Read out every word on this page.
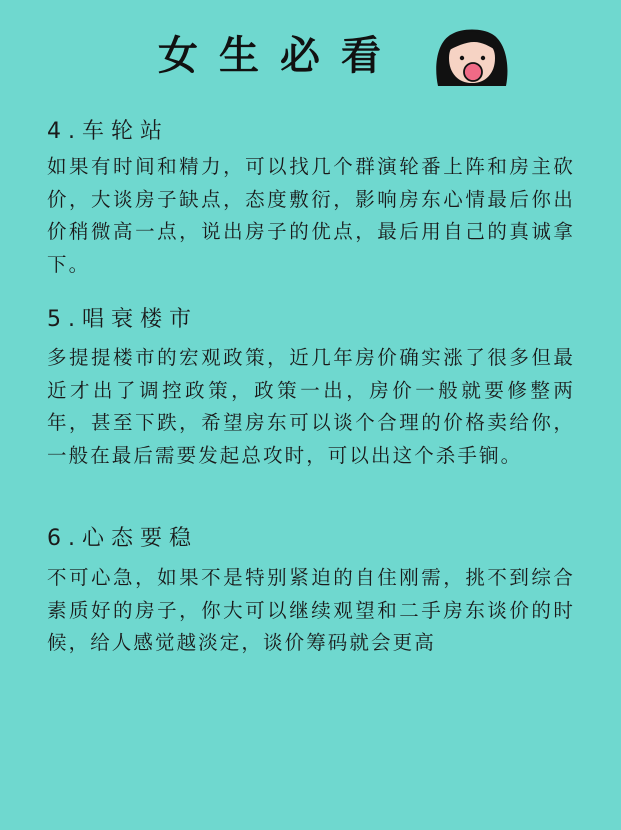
女生必看
4.车轮站
如果有时间和精力，可以找几个群演轮番上阵和房主砍价，大谈房子缺点，态度敷衍，影响房东心情最后你出价稍微高一点，说出房子的优点，最后用自己的真诚拿下。
5.唱衰楼市
多提提楼市的宏观政策，近几年房价确实涨了很多但最近才出了调控政策，政策一出，房价一般就要修整两年，甚至下跌，希望房东可以谈个合理的价格卖给你，一般在最后需要发起总攻时，可以出这个杀手锏。
6.心态要稳
不可心急，如果不是特别紧迫的自住刚需，挑不到综合素质好的房子，你大可以继续观望和二手房东谈价的时候，给人感觉越淡定，谈价筹码就会更高
